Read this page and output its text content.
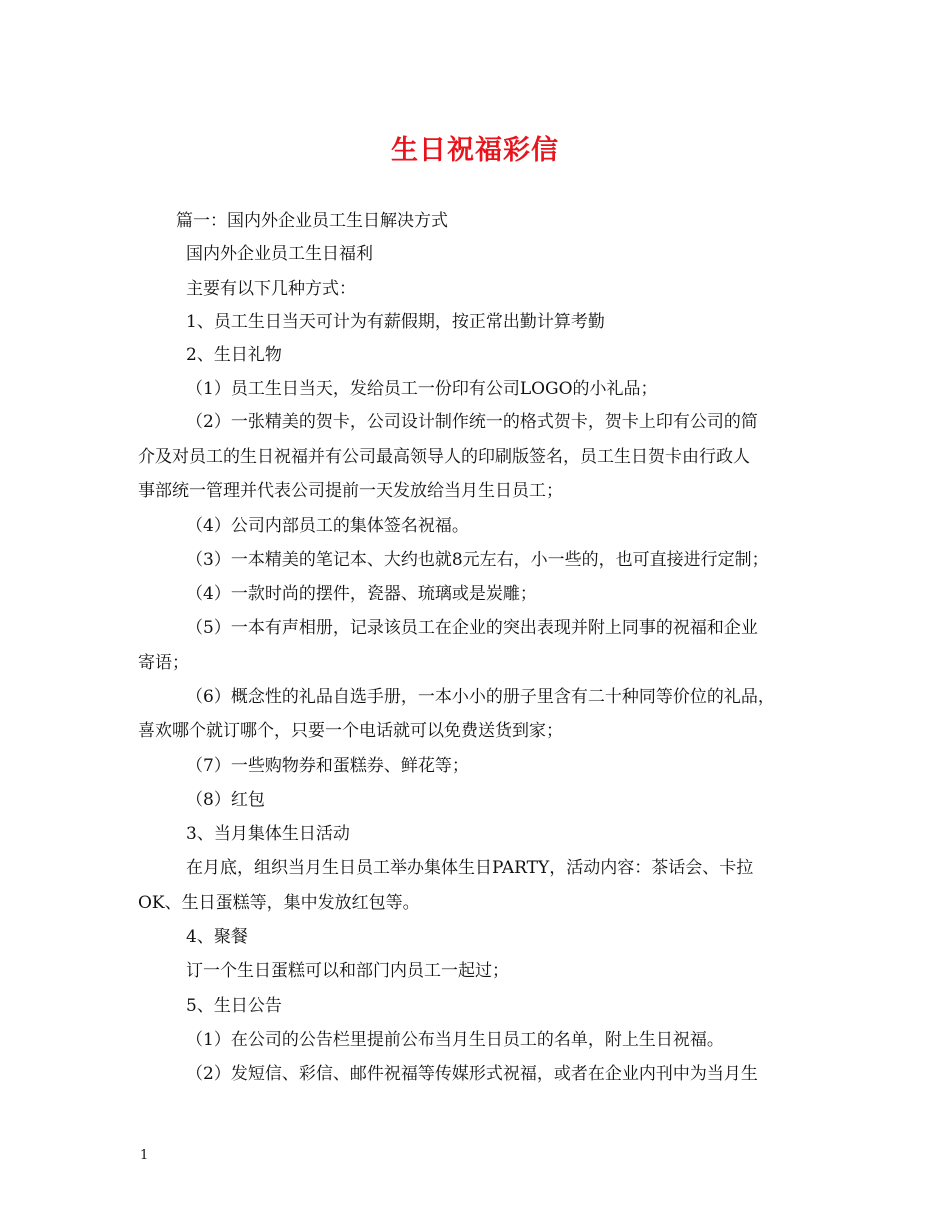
生日祝福彩信
篇一：国内外企业员工生日解决方式
国内外企业员工生日福利
主要有以下几种方式：
1、员工生日当天可计为有薪假期，按正常出勤计算考勤
2、生日礼物
（1）员工生日当天，发给员工一份印有公司LOGO的小礼品；
（2）一张精美的贺卡，公司设计制作统一的格式贺卡，贺卡上印有公司的简
介及对员工的生日祝福并有公司最高领导人的印刷版签名，员工生日贺卡由行政人
事部统一管理并代表公司提前一天发放给当月生日员工；
（4）公司内部员工的集体签名祝福。
（3）一本精美的笔记本、大约也就8元左右，小一些的，也可直接进行定制；
（4）一款时尚的摆件，瓷器、琉璃或是炭雕；
（5）一本有声相册，记录该员工在企业的突出表现并附上同事的祝福和企业
寄语；
（6）概念性的礼品自选手册，一本小小的册子里含有二十种同等价位的礼品，
喜欢哪个就订哪个，只要一个电话就可以免费送货到家；
（7）一些购物券和蛋糕券、鲜花等；
（8）红包
3、当月集体生日活动
在月底，组织当月生日员工举办集体生日PARTY，活动内容：茶话会、卡拉
OK、生日蛋糕等，集中发放红包等。
4、聚餐
订一个生日蛋糕可以和部门内员工一起过；
5、生日公告
（1）在公司的公告栏里提前公布当月生日员工的名单，附上生日祝福。
（2）发短信、彩信、邮件祝福等传媒形式祝福，或者在企业内刊中为当月生
1
